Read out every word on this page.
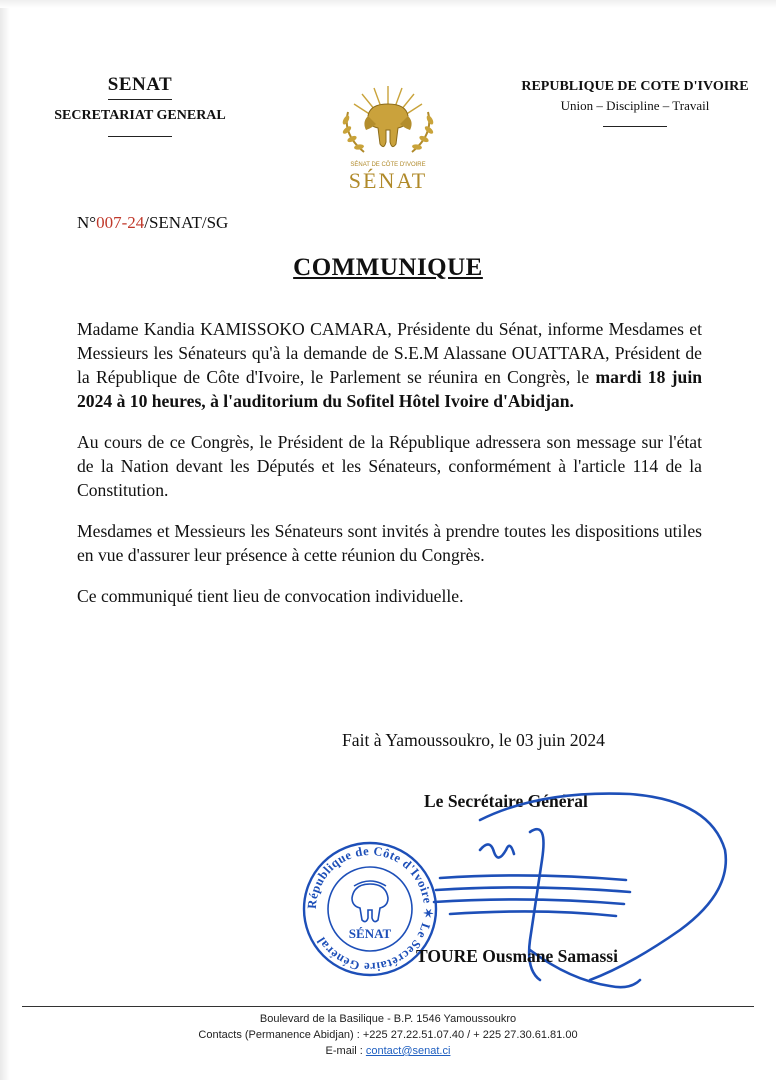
SENAT
SECRETARIAT GENERAL
SÉNAT DE CÔTE D'IVOIRE
SÉNAT
REPUBLIQUE DE COTE D'IVOIRE
Union – Discipline – Travail
N°007-24/SENAT/SG
COMMUNIQUE

Madame Kandia KAMISSOKO CAMARA, Présidente du Sénat, informe Mesdames et Messieurs les Sénateurs qu'à la demande de S.E.M Alassane OUATTARA, Président de la République de Côte d'Ivoire, le Parlement se réunira en Congrès, le mardi 18 juin 2024 à 10 heures, à l'auditorium du Sofitel Hôtel Ivoire d'Abidjan.

Au cours de ce Congrès, le Président de la République adressera son message sur l'état de la Nation devant les Députés et les Sénateurs, conformément à l'article 114 de la Constitution.

Mesdames et Messieurs les Sénateurs sont invités à prendre toutes les dispositions utiles en vue d'assurer leur présence à cette réunion du Congrès.

Ce communiqué tient lieu de convocation individuelle.

Fait à Yamoussoukro, le 03 juin 2024
Le Secrétaire Général
République de Côte d'Ivoire ✶ Le Secrétaire Général	SÉNAT
TOURE Ousmane Samassi
Boulevard de la Basilique - B.P. 1546 Yamoussoukro
Contacts (Permanence Abidjan) : +225 27.22.51.07.40 / + 225 27.30.61.81.00
E-mail : contact@senat.ci
